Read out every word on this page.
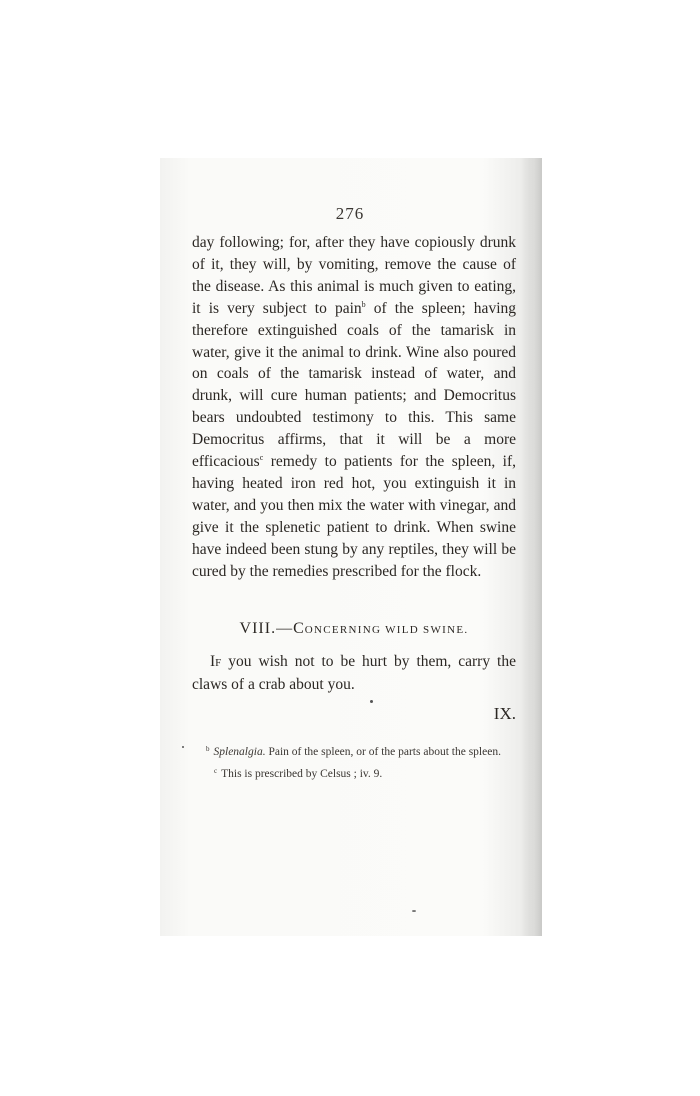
276

day following; for, after they have copiously drunk of it, they will, by vomiting, remove the cause of the disease. As this animal is much given to eating, it is very subject to pain$^b$ of the spleen; having therefore extinguished coals of the tamarisk in water, give it the animal to drink. Wine also poured on coals of the tamarisk instead of water, and drunk, will cure human patients; and Democritus bears undoubted testimony to this. This same Democritus affirms, that it will be a more efficacious$^c$ remedy to patients for the spleen, if, having heated iron red hot, you extinguish it in water, and you then mix the water with vinegar, and give it the splenetic patient to drink. When swine have indeed been stung by any reptiles, they will be cured by the remedies prescribed for the flock.

VIII.—CONCERNING WILD SWINE.
IF you wish not to be hurt by them, carry the claws of a crab about you.
IX.

$^b$ Splenalgia. Pain of the spleen, or of the parts about the spleen.

$^c$ This is prescribed by Celsus ; iv. 9.
